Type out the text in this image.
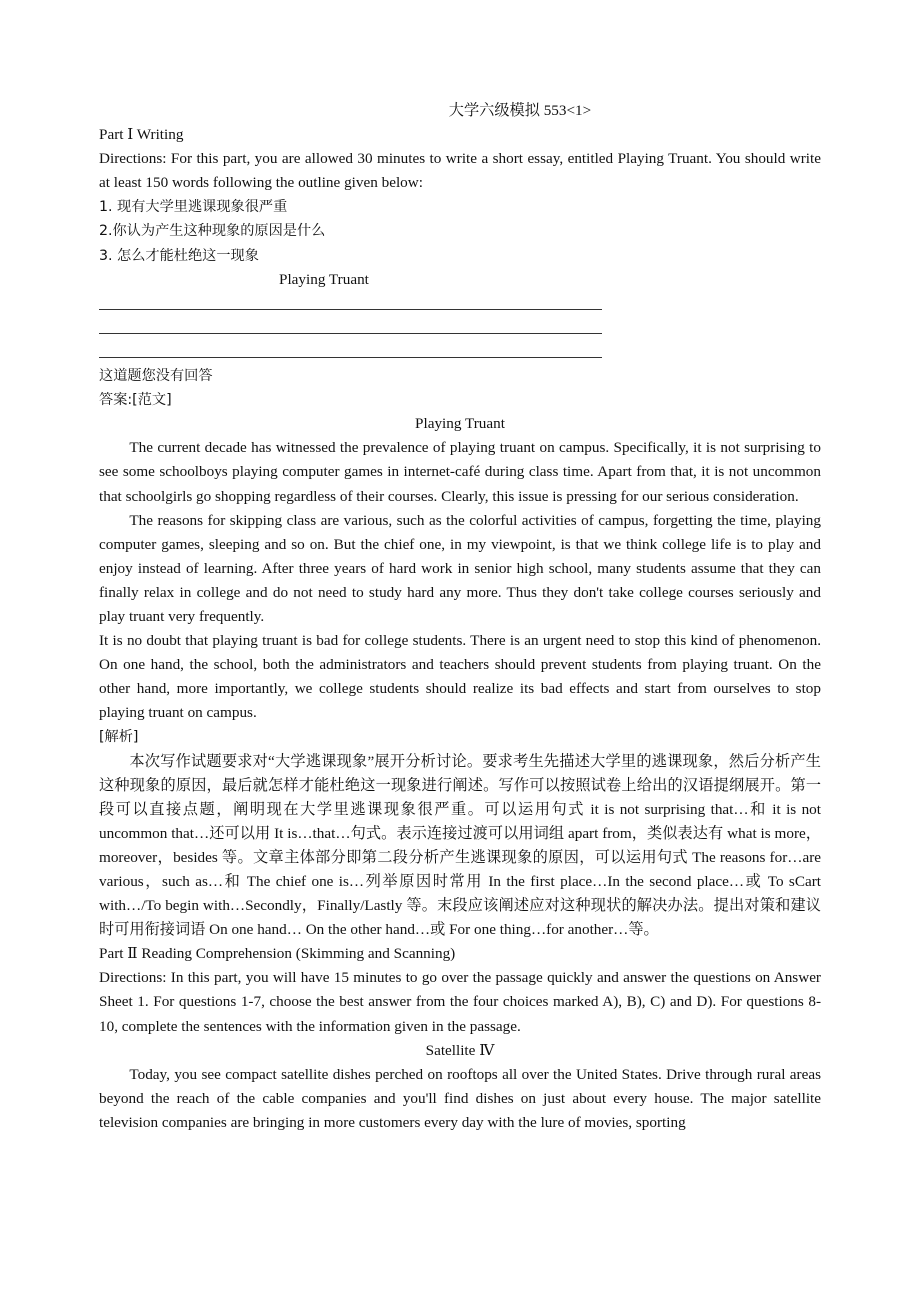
大学六级模拟 553<1>
Part Ⅰ Writing
Directions: For this part, you are allowed 30 minutes to write a short essay, entitled Playing Truant. You should write at least 150 words following the outline given below:
1. 现有大学里逃课现象很严重
2.你认为产生这种现象的原因是什么
3. 怎么才能杜绝这一现象
Playing Truant
这道题您没有回答
答案:[范文]
Playing Truant
The current decade has witnessed the prevalence of playing truant on campus. Specifically, it is not surprising to see some schoolboys playing computer games in internet-café during class time. Apart from that, it is not uncommon that schoolgirls go shopping regardless of their courses. Clearly, this issue is pressing for our serious consideration.
The reasons for skipping class are various, such as the colorful activities of campus, forgetting the time, playing computer games, sleeping and so on. But the chief one, in my viewpoint, is that we think college life is to play and enjoy instead of learning. After three years of hard work in senior high school, many students assume that they can finally relax in college and do not need to study hard any more. Thus they don't take college courses seriously and play truant very frequently.
It is no doubt that playing truant is bad for college students. There is an urgent need to stop this kind of phenomenon. On one hand, the school, both the administrators and teachers should prevent students from playing truant. On the other hand, more importantly, we college students should realize its bad effects and start from ourselves to stop playing truant on campus.
[解析]
本次写作试题要求对“大学逃课现象”展开分析讨论。要求考生先描述大学里的逃课现象，然后分析产生这种现象的原因，最后就怎样才能杜绝这一现象进行阐述。写作可以按照试卷上给出的汉语提纲展开。第一段可以直接点题，阐明现在大学里逃课现象很严重。可以运用句式 it is not surprising that…和 it is not uncommon that…还可以用 It is…that…句式。表示连接过渡可以用词组 apart from，类似表达有 what is more，moreover，besides 等。文章主体部分即第二段分析产生逃课现象的原因，可以运用句式 The reasons for…are various，such as…和 The chief one is…列举原因时常用 In the first place…In the second place…或 To sCart with…/To begin with…Secondly，Finally/Lastly 等。末段应该阐述应对这种现状的解决办法。提出对策和建议时可用衔接词语 On one hand… On the other hand…或 For one thing…for another…等。
Part Ⅱ Reading Comprehension (Skimming and Scanning)
Directions: In this part, you will have 15 minutes to go over the passage quickly and answer the questions on Answer Sheet 1. For questions 1-7, choose the best answer from the four choices marked A), B), C) and D). For questions 8-10, complete the sentences with the information given in the passage.
Satellite Ⅳ
Today, you see compact satellite dishes perched on rooftops all over the United States. Drive through rural areas beyond the reach of the cable companies and you'll find dishes on just about every house. The major satellite television companies are bringing in more customers every day with the lure of movies, sporting
